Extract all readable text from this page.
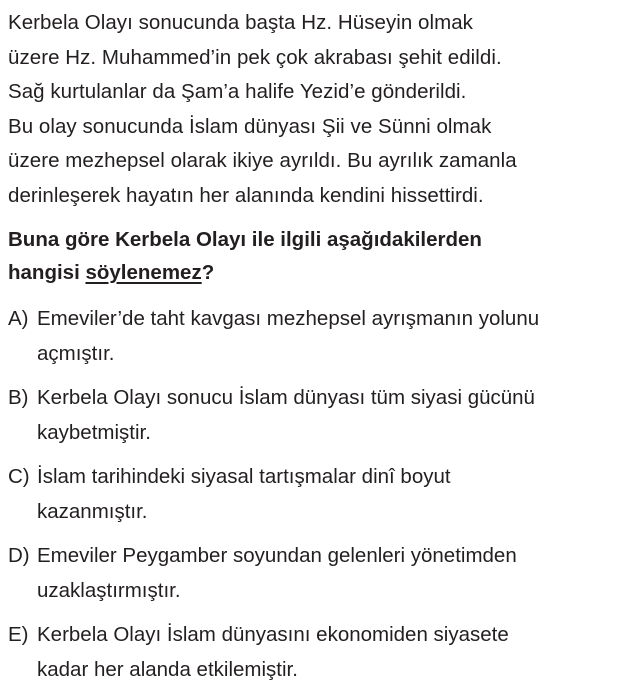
Kerbela Olayı sonucunda başta Hz. Hüseyin olmak

üzere Hz. Muhammed’in pek çok akrabası şehit edildi.

Sağ kurtulanlar da Şam’a halife Yezid’e gönderildi.

Bu olay sonucunda İslam dünyası Şii ve Sünni olmak

üzere mezhepsel olarak ikiye ayrıldı. Bu ayrılık zamanla

derinleşerek hayatın her alanında kendini hissettirdi.

Buna göre Kerbela Olayı ile ilgili aşağıdakilerden
hangisi söylenemez?
A) Emeviler’de taht kavgası mezhepsel ayrışmanın yolunu
açmıştır.
B) Kerbela Olayı sonucu İslam dünyası tüm siyasi gücünü
kaybetmiştir.
C) İslam tarihindeki siyasal tartışmalar dinî boyut
kazanmıştır.
D) Emeviler Peygamber soyundan gelenleri yönetimden
uzaklaştırmıştır.
E) Kerbela Olayı İslam dünyasını ekonomiden siyasete
kadar her alanda etkilemiştir.
